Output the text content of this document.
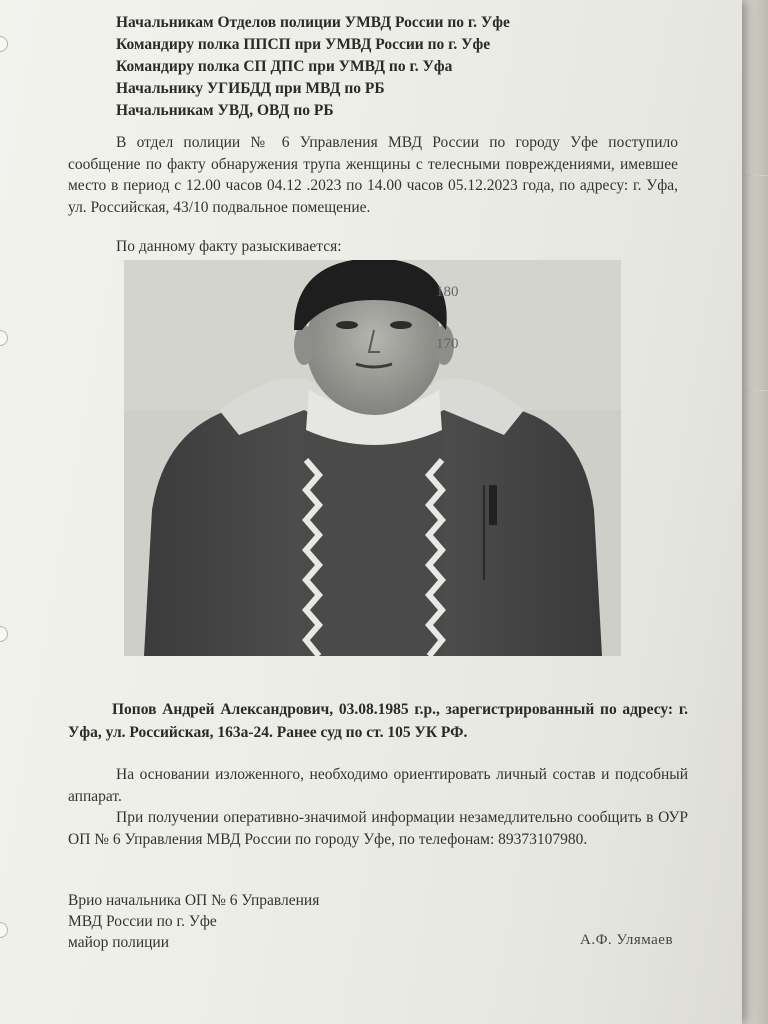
Начальникам Отделов полиции УМВД России по г. Уфе
Командиру полка ППСП при УМВД России по г. Уфе
Командиру полка СП ДПС при УМВД по г. Уфа
Начальнику УГИБДД при МВД по РБ
Начальникам УВД, ОВД по РБ
В отдел полиции № 6 Управления МВД России по городу Уфе поступило сообщение по факту обнаружения трупа женщины с телесными повреждениями, имевшее место в период с 12.00 часов 04.12 .2023 по 14.00 часов 05.12.2023 года, по адресу: г. Уфа, ул. Российская, 43/10 подвальное помещение.
По данному факту разыскивается:
180
170
Попов Андрей Александрович, 03.08.1985 г.р., зарегистрированный по адресу: г. Уфа, ул. Российская, 163а-24. Ранее суд по ст. 105 УК РФ.
На основании изложенного, необходимо ориентировать личный состав и подсобный аппарат.
При получении оперативно-значимой информации незамедлительно сообщить в ОУР ОП № 6 Управления МВД России по городу Уфе, по телефонам: 89373107980.
Врио начальника ОП № 6 Управления
МВД России по г. Уфе
майор полиции	А.Ф. Улямаев
